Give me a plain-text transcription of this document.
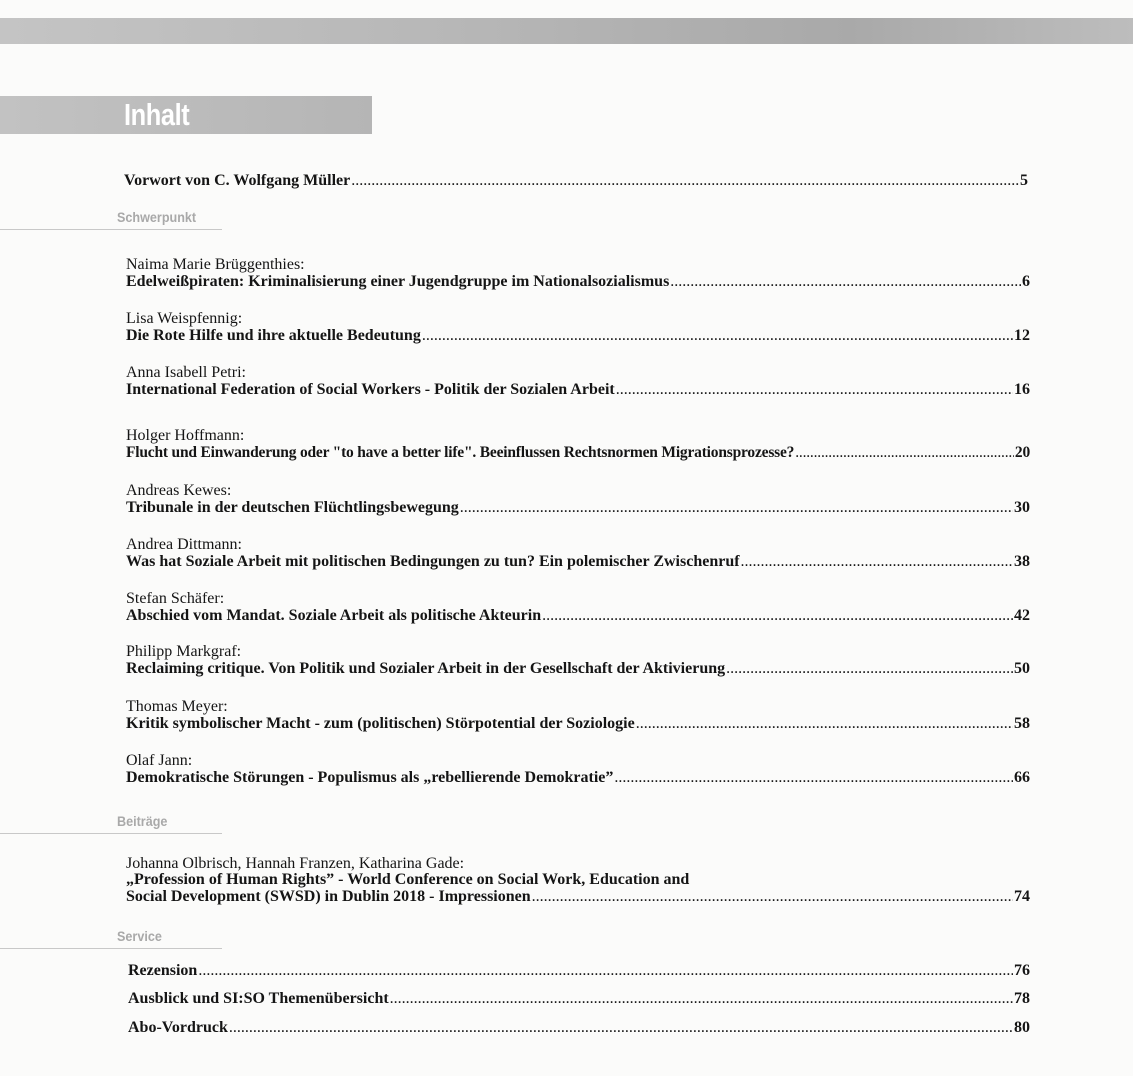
Inhalt
Vorwort von C. Wolfgang Müller .....	5
Schwerpunkt
Naima Marie Brüggenthies:
Edelweißpiraten: Kriminalisierung einer Jugendgruppe im Nationalsozialismus .....	6
Lisa Weispfennig:
Die Rote Hilfe und ihre aktuelle Bedeutung .....	12
Anna Isabell Petri:
International Federation of Social Workers - Politik der Sozialen Arbeit .....	16
Holger Hoffmann:
Flucht und Einwanderung oder "to have a better life". Beeinflussen Rechtsnormen Migrationsprozesse? .....	20
Andreas Kewes:
Tribunale in der deutschen Flüchtlingsbewegung .....	30
Andrea Dittmann:
Was hat Soziale Arbeit mit politischen Bedingungen zu tun? Ein polemischer Zwischenruf .....	38
Stefan Schäfer:
Abschied vom Mandat. Soziale Arbeit als politische Akteurin .....	42
Philipp Markgraf:
Reclaiming critique. Von Politik und Sozialer Arbeit in der Gesellschaft der Aktivierung .....	50
Thomas Meyer:
Kritik symbolischer Macht - zum (politischen) Störpotential der Soziologie .....	58
Olaf Jann:
Demokratische Störungen - Populismus als „rebellierende Demokratie” .....	66
Beiträge
Johanna Olbrisch, Hannah Franzen, Katharina Gade:
„Profession of Human Rights” - World Conference on Social Work, Education and
Social Development (SWSD) in Dublin 2018 - Impressionen .....	74
Service
Rezension .....	76
Ausblick und SI:SO Themenübersicht .....	78
Abo-Vordruck .....	80
